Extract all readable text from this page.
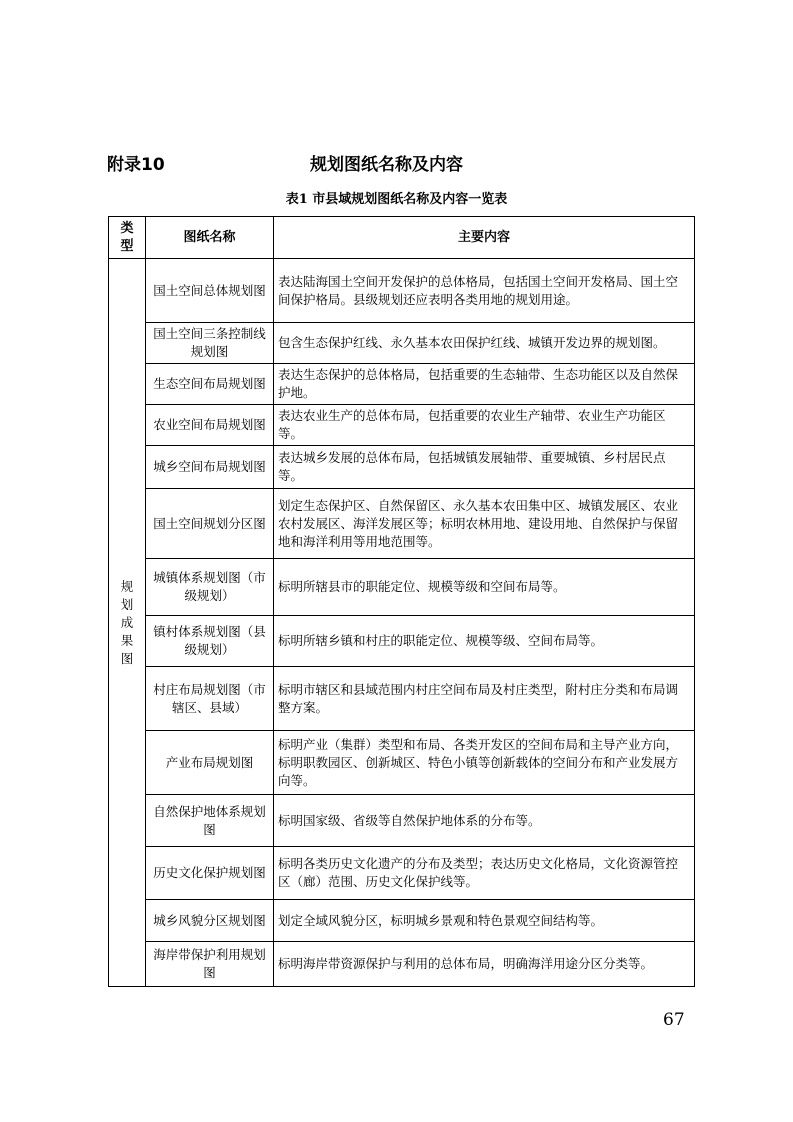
附录10	规划图纸名称及内容
表1 市县域规划图纸名称及内容一览表
类型	图纸名称	主要内容
规划成果图	国土空间总体规划图	表达陆海国土空间开发保护的总体格局，包括国土空间开发格局、国土空间保护格局。县级规划还应表明各类用地的规划用途。
	国土空间三条控制线规划图	包含生态保护红线、永久基本农田保护红线、城镇开发边界的规划图。
	生态空间布局规划图	表达生态保护的总体格局，包括重要的生态轴带、生态功能区以及自然保护地。
	农业空间布局规划图	表达农业生产的总体布局，包括重要的农业生产轴带、农业生产功能区等。
	城乡空间布局规划图	表达城乡发展的总体布局，包括城镇发展轴带、重要城镇、乡村居民点等。
	国土空间规划分区图	划定生态保护区、自然保留区、永久基本农田集中区、城镇发展区、农业农村发展区、海洋发展区等；标明农林用地、建设用地、自然保护与保留地和海洋利用等用地范围等。
	城镇体系规划图（市级规划）	标明所辖县市的职能定位、规模等级和空间布局等。
	镇村体系规划图（县级规划）	标明所辖乡镇和村庄的职能定位、规模等级、空间布局等。
	村庄布局规划图（市辖区、县域）	标明市辖区和县域范围内村庄空间布局及村庄类型，附村庄分类和布局调整方案。
	产业布局规划图	标明产业（集群）类型和布局、各类开发区的空间布局和主导产业方向，标明职教园区、创新城区、特色小镇等创新载体的空间分布和产业发展方向等。
	自然保护地体系规划图	标明国家级、省级等自然保护地体系的分布等。
	历史文化保护规划图	标明各类历史文化遗产的分布及类型；表达历史文化格局，文化资源管控区（廊）范围、历史文化保护线等。
	城乡风貌分区规划图	划定全域风貌分区，标明城乡景观和特色景观空间结构等。
	海岸带保护利用规划图	标明海岸带资源保护与利用的总体布局，明确海洋用途分区分类等。
67
